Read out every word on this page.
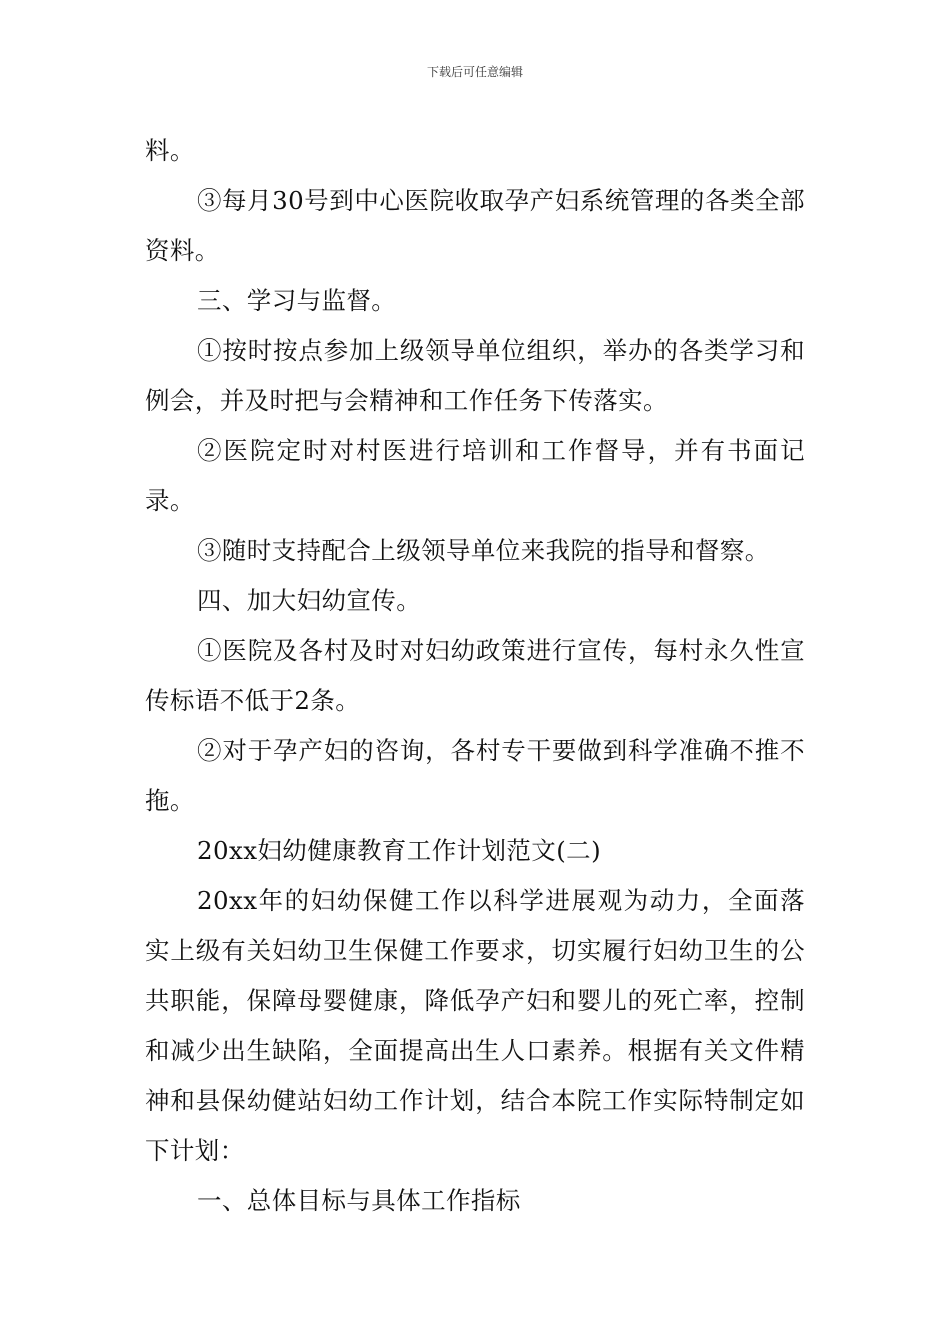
下载后可任意编辑

料。

③每月30号到中心医院收取孕产妇系统管理的各类全部资料。

三、学习与监督。

①按时按点参加上级领导单位组织，举办的各类学习和例会，并及时把与会精神和工作任务下传落实。

②医院定时对村医进行培训和工作督导，并有书面记录。

③随时支持配合上级领导单位来我院的指导和督察。

四、加大妇幼宣传。

①医院及各村及时对妇幼政策进行宣传，每村永久性宣传标语不低于2条。

②对于孕产妇的咨询，各村专干要做到科学准确不推不拖。

20xx妇幼健康教育工作计划范文(二)

20xx年的妇幼保健工作以科学进展观为动力，全面落实上级有关妇幼卫生保健工作要求，切实履行妇幼卫生的公共职能，保障母婴健康，降低孕产妇和婴儿的死亡率，控制和减少出生缺陷，全面提高出生人口素养。根据有关文件精神和县保幼健站妇幼工作计划，结合本院工作实际特制定如下计划：

一、总体目标与具体工作指标
